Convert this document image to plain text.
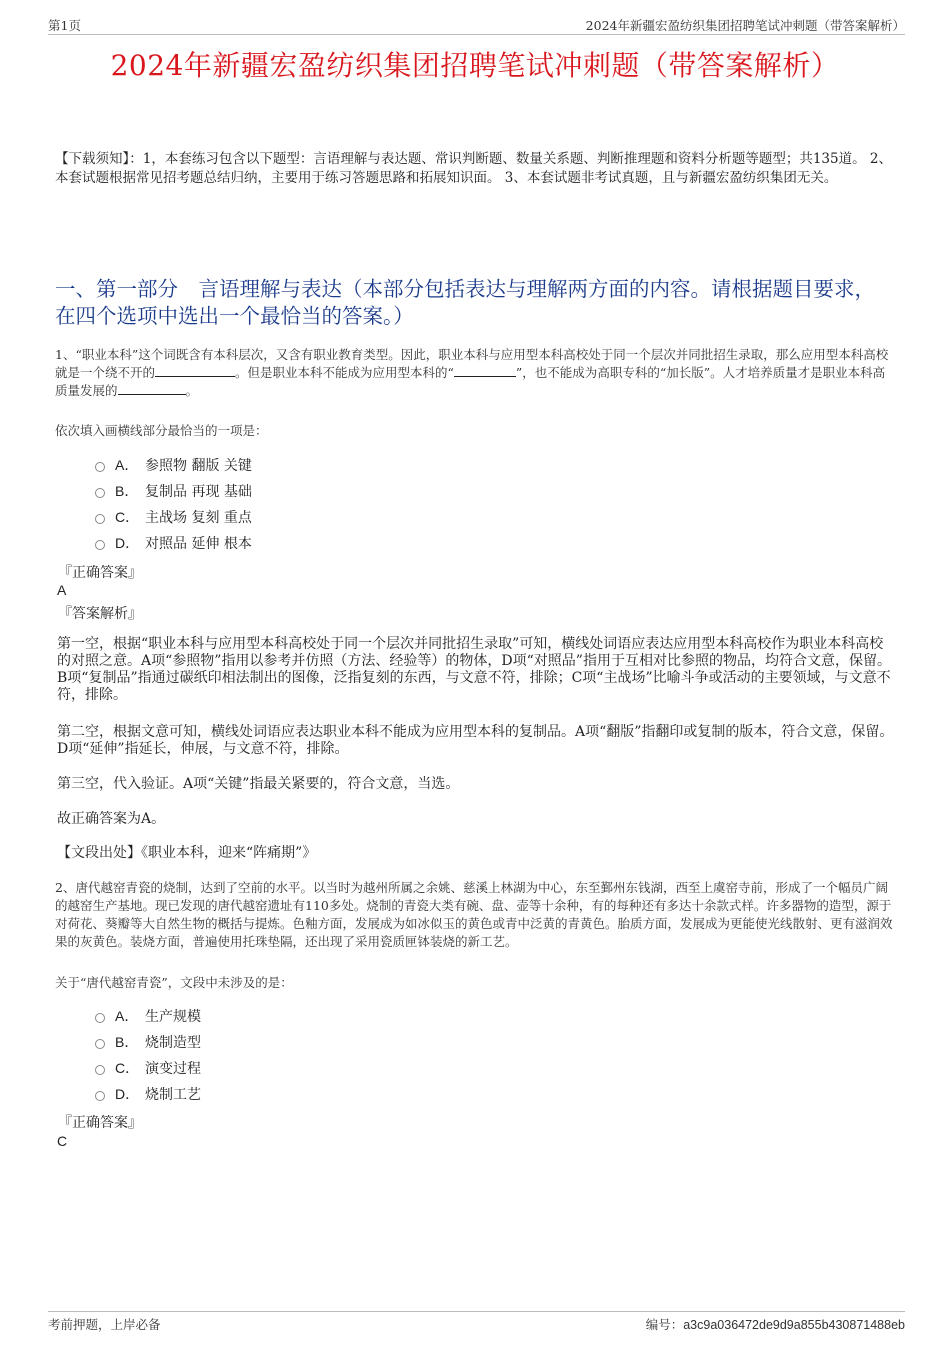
第1页	2024年新疆宏盈纺织集团招聘笔试冲刺题（带答案解析）
2024年新疆宏盈纺织集团招聘笔试冲刺题（带答案解析）
【下载须知】：1，本套练习包含以下题型：言语理解与表达题、常识判断题、数量关系题、判断推理题和资料分析题等题型；共135道。 2、本套试题根据常见招考题总结归纳，主要用于练习答题思路和拓展知识面。 3、本套试题非考试真题，且与新疆宏盈纺织集团无关。
一、第一部分　言语理解与表达（本部分包括表达与理解两方面的内容。请根据题目要求，在四个选项中选出一个最恰当的答案。）
1、“职业本科”这个词既含有本科层次，又含有职业教育类型。因此，职业本科与应用型本科高校处于同一个层次并同批招生录取，那么应用型本科高校就是一个绕不开的	。但是职业本科不能成为应用型本科的“	”，也不能成为高职专科的“加长版”。人才培养质量才是职业本科高质量发展的	。
依次填入画横线部分最恰当的一项是：
A． 参照物 翻版 关键
B． 复制品 再现 基础
C． 主战场 复刻 重点
D． 对照品 延伸 根本
『正确答案』
A
『答案解析』
第一空，根据“职业本科与应用型本科高校处于同一个层次并同批招生录取”可知，横线处词语应表达应用型本科高校作为职业本科高校的对照之意。A项“参照物”指用以参考并仿照（方法、经验等）的物体，D项“对照品”指用于互相对比参照的物品，均符合文意，保留。B项“复制品”指通过碳纸印相法制出的图像，泛指复刻的东西，与文意不符，排除；C项“主战场”比喻斗争或活动的主要领域，与文意不符，排除。
第二空，根据文意可知，横线处词语应表达职业本科不能成为应用型本科的复制品。A项“翻版”指翻印或复制的版本，符合文意，保留。D项“延伸”指延长，伸展，与文意不符，排除。
第三空，代入验证。A项“关键”指最关紧要的，符合文意，当选。
故正确答案为A。
【文段出处】《职业本科，迎来“阵痛期”》
2、唐代越窑青瓷的烧制，达到了空前的水平。以当时为越州所属之余姚、慈溪上林湖为中心，东至鄞州东钱湖，西至上虞窑寺前，形成了一个幅员广阔的越窑生产基地。现已发现的唐代越窑遗址有110多处。烧制的青瓷大类有碗、盘、壶等十余种，有的每种还有多达十余款式样。许多器物的造型，源于对荷花、葵瓣等大自然生物的概括与提炼。色釉方面，发展成为如冰似玉的黄色或青中泛黄的青黄色。胎质方面，发展成为更能使光线散射、更有滋润效果的灰黄色。装烧方面，普遍使用托珠垫隔，还出现了采用瓷质匣钵装烧的新工艺。
关于“唐代越窑青瓷”，文段中未涉及的是：
A． 生产规模
B． 烧制造型
C． 演变过程
D． 烧制工艺
『正确答案』
C
考前押题，上岸必备	编号：a3c9a036472de9d9a855b430871488eb
